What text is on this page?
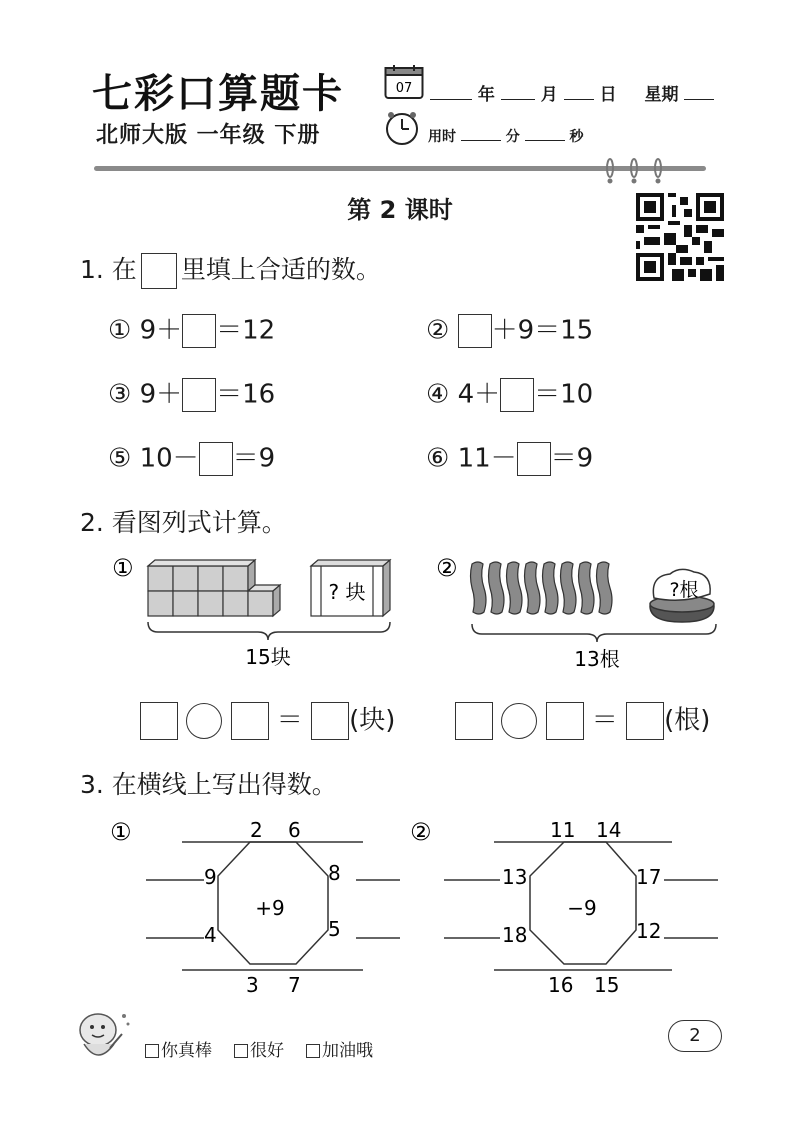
七彩口算题卡	07	年	月 日 星期
北师大版 一年级 下册	用时	分	秒
第 2 课时
1. 在 里填上合适的数。
① 9＋ ＝12	② ＋9＝15
③ 9＋ ＝16	④ 4＋ ＝10
⑤ 10－ ＝9	⑥ 11－ ＝9
2. 看图列式计算。
①
? 块
15块
②
?根
13根
＝ (块)	＝ (根)
3. 在横线上写出得数。
①	2 6
8
5
7
3
4
9
+9
②	11 14
17
12
15
16
18
13
−9
你真棒	很好	加油哦
2
